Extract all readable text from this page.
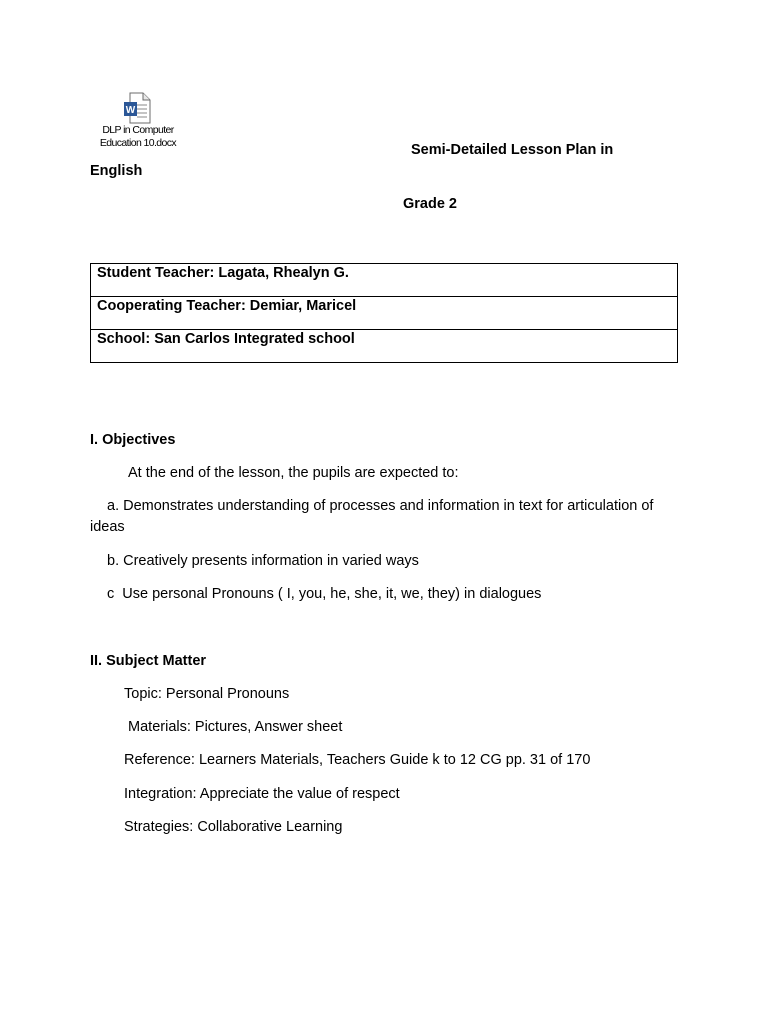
W
DLP in Computer
Education 10.docx	Semi-Detailed Lesson Plan in
English
Grade 2
Student Teacher: Lagata, Rhealyn G.
Cooperating Teacher: Demiar, Maricel
School: San Carlos Integrated school
I. Objectives
At the end of the lesson, the pupils are expected to:
a. Demonstrates understanding of processes and information in text for articulation of ideas
b. Creatively presents information in varied ways
c  Use personal Pronouns ( I, you, he, she, it, we, they) in dialogues
II. Subject Matter
Topic: Personal Pronouns
Materials: Pictures, Answer sheet
Reference: Learners Materials, Teachers Guide k to 12 CG pp. 31 of 170
Integration: Appreciate the value of respect
Strategies: Collaborative Learning
